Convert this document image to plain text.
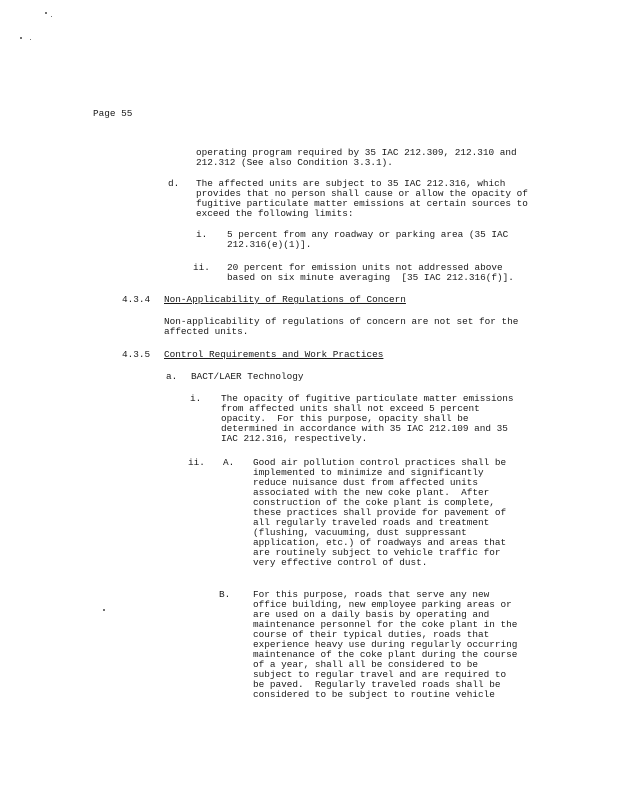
Page 55
operating program required by 35 IAC 212.309, 212.310 and
212.312 (See also Condition 3.3.1).
d. The affected units are subject to 35 IAC 212.316, which
provides that no person shall cause or allow the opacity of
fugitive particulate matter emissions at certain sources to
exceed the following limits:
i. 5 percent from any roadway or parking area (35 IAC
212.316(e)(1)].
ii. 20 percent for emission units not addressed above
based on six minute averaging  [35 IAC 212.316(f)].
4.3.4 Non-Applicability of Regulations of Concern
Non-applicability of regulations of concern are not set for the
affected units.
4.3.5 Control Requirements and Work Practices
a. BACT/LAER Technology
i. The opacity of fugitive particulate matter emissions
from affected units shall not exceed 5 percent
opacity.  For this purpose, opacity shall be
determined in accordance with 35 IAC 212.109 and 35
IAC 212.316, respectively.
ii. A. Good air pollution control practices shall be
implemented to minimize and significantly
reduce nuisance dust from affected units
associated with the new coke plant.  After
construction of the coke plant is complete,
these practices shall provide for pavement of
all regularly traveled roads and treatment
(flushing, vacuuming, dust suppressant
application, etc.) of roadways and areas that
are routinely subject to vehicle traffic for
very effective control of dust.
B. For this purpose, roads that serve any new
office building, new employee parking areas or
are used on a daily basis by operating and
maintenance personnel for the coke plant in the
course of their typical duties, roads that
experience heavy use during regularly occurring
maintenance of the coke plant during the course
of a year, shall all be considered to be
subject to regular travel and are required to
be paved.  Regularly traveled roads shall be
considered to be subject to routine vehicle
